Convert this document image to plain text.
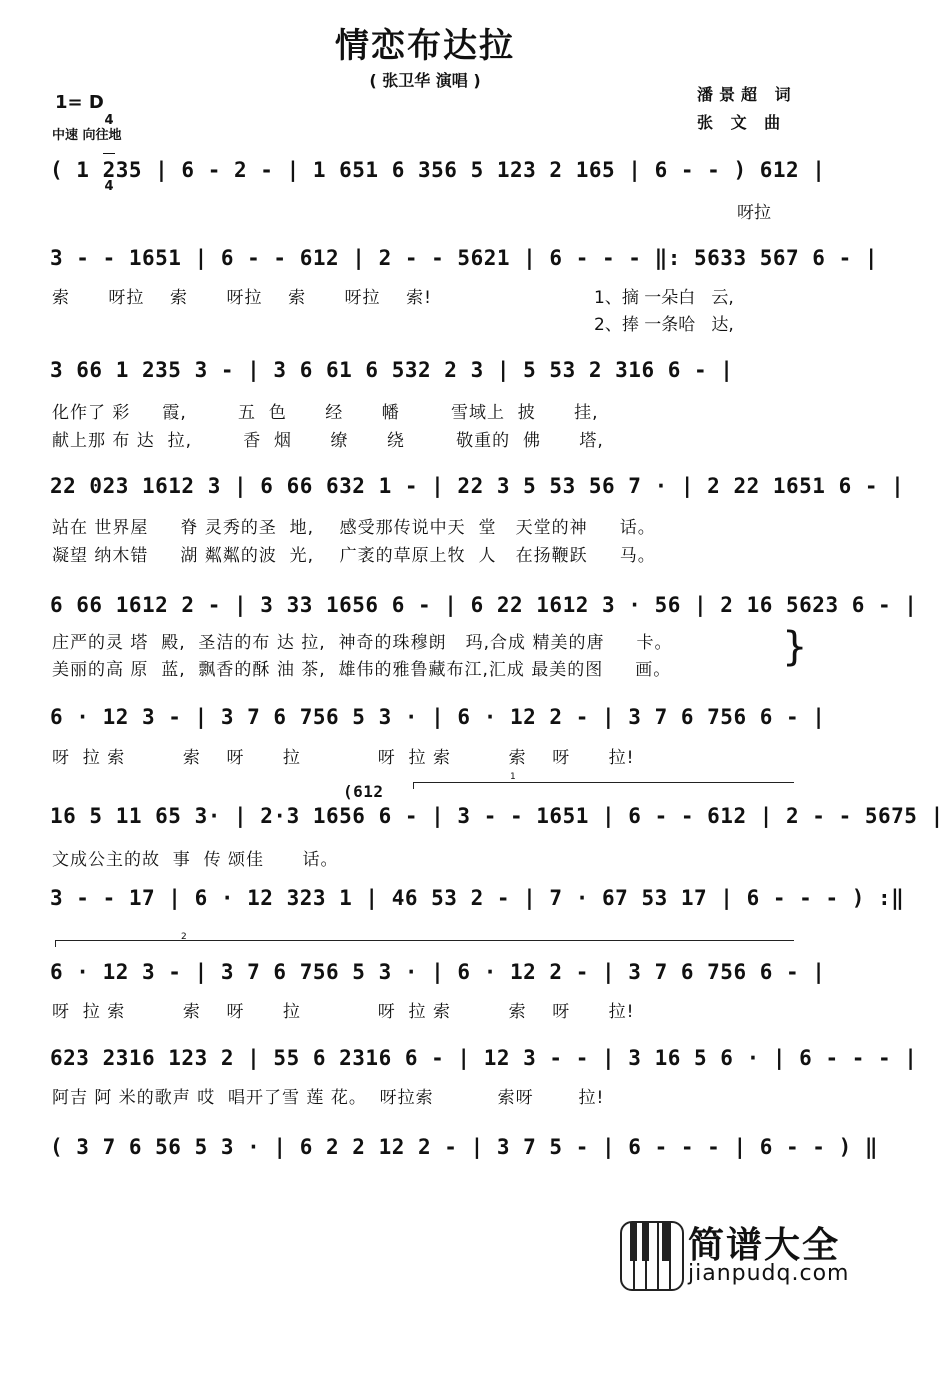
情恋布达拉
( 张卫华 演唱 )
潘景超 词
张 文 曲
1= D

4

4

中速 向往地
( 1 235 | 6 - 2 - | 1 651 6 356 5 123 2 165 | 6 - - ) 612 |
呀拉
3 - - 1651 | 6 - - 612 | 2 - - 5621 | 6 - - - ‖: 5633 567 6 - |
索      呀拉    索      呀拉    索      呀拉    索!	1、摘 一朵白   云,
2、捧 一条哈   达,
3 66 1 235 3 - | 3 6 61 6 532 2 3 | 5 53 2 316 6 - |
化作了 彩     霞,        五  色      经      幡        雪域上  披      挂,
献上那 布 达  拉,        香  烟      缭      绕        敬重的  佛      塔,
22 023 1612 3 | 6 66 632 1 - | 22 3 5 53 56 7 · | 2 22 1651 6 - |
站在 世界屋     脊 灵秀的圣  地,    感受那传说中天  堂   天堂的神     话。
凝望 纳木错     湖 粼粼的波  光,    广袤的草原上牧  人   在扬鞭跃     马。
6 66 1612 2 - | 3 33 1656 6 - | 6 22 1612 3 · 56 | 2 16 5623 6 - |
庄严的灵 塔  殿,  圣洁的布 达 拉,  神奇的珠穆朗   玛,合成 精美的唐     卡。
美丽的高 原  蓝,  飘香的酥 油 茶,  雄伟的雅鲁藏布江,汇成 最美的图     画。	}
6 · 12 3 - | 3 7 6 756 5 3 · | 6 · 12 2 - | 3 7 6 756 6 - |
呀  拉 索         索    呀      拉            呀  拉 索         索    呀      拉!
1
(612
16 5 11 65 3· | 2·3 1656 6 - | 3 - - 1651 | 6 - - 612 | 2 - - 5675 |
文成公主的故  事  传 颂佳      话。
3 - - 17 | 6 · 12 323 1 | 46 53 2 - | 7 · 67 53 17 | 6 - - - ) :‖
2
6 · 12 3 - | 3 7 6 756 5 3 · | 6 · 12 2 - | 3 7 6 756 6 - |
呀  拉 索         索    呀      拉            呀  拉 索         索    呀      拉!
623 2316 123 2 | 55 6 2316 6 - | 12 3 - - | 3 16 5 6 · | 6 - - - |
阿吉 阿 米的歌声 哎  唱开了雪 莲 花。  呀拉索          索呀       拉!
( 3 7 6 56 5 3 · | 6 2 2 12 2 - | 3 7 5 - | 6 - - - | 6 - - ) ‖

简谱大全

jianpudq.com
